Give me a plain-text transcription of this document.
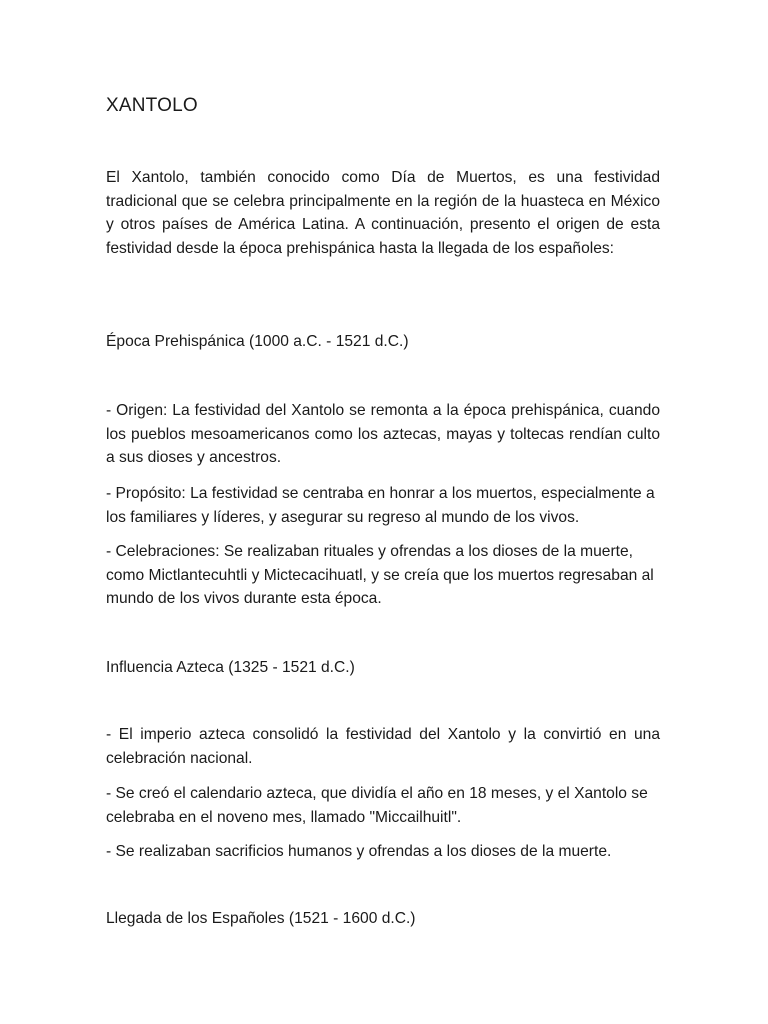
XANTOLO

El Xantolo, también conocido como Día de Muertos, es una festividad tradicional que se celebra principalmente en la región de la huasteca en México y otros países de América Latina. A continuación, presento el origen de esta festividad desde la época prehispánica hasta la llegada de los españoles:

Época Prehispánica (1000 a.C. - 1521 d.C.)

- Origen: La festividad del Xantolo se remonta a la época prehispánica, cuando los pueblos mesoamericanos como los aztecas, mayas y toltecas rendían culto a sus dioses y ancestros.

- Propósito: La festividad se centraba en honrar a los muertos, especialmente a los familiares y líderes, y asegurar su regreso al mundo de los vivos.

- Celebraciones: Se realizaban rituales y ofrendas a los dioses de la muerte, como Mictlantecuhtli y Mictecacihuatl, y se creía que los muertos regresaban al mundo de los vivos durante esta época.

Influencia Azteca (1325 - 1521 d.C.)

- El imperio azteca consolidó la festividad del Xantolo y la convirtió en una celebración nacional.

- Se creó el calendario azteca, que dividía el año en 18 meses, y el Xantolo se celebraba en el noveno mes, llamado "Miccailhuitl".

- Se realizaban sacrificios humanos y ofrendas a los dioses de la muerte.

Llegada de los Españoles (1521 - 1600 d.C.)
